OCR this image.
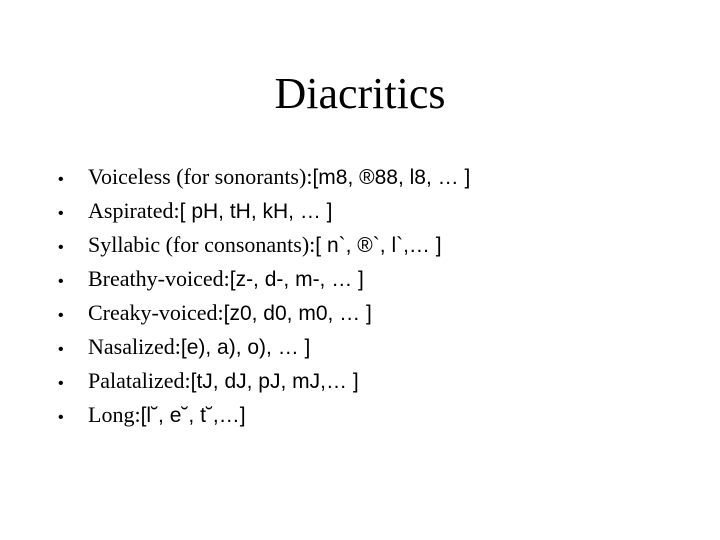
Diacritics
•	Voiceless (for sonorants): [m8, ®88, l8, … ]
•	Aspirated: [ pH, tH, kH, … ]
•	Syllabic (for consonants): [ n`, ®`, l`,… ]
•	Breathy-voiced: [z-, d-, m-, … ]
•	Creaky-voiced: [z0, d0, m0, … ]
•	Nasalized: [e), a), o), … ]
•	Palatalized: [tJ, dJ, pJ, mJ,… ]
•	Long: [l˘, e˘, t˘,…]
